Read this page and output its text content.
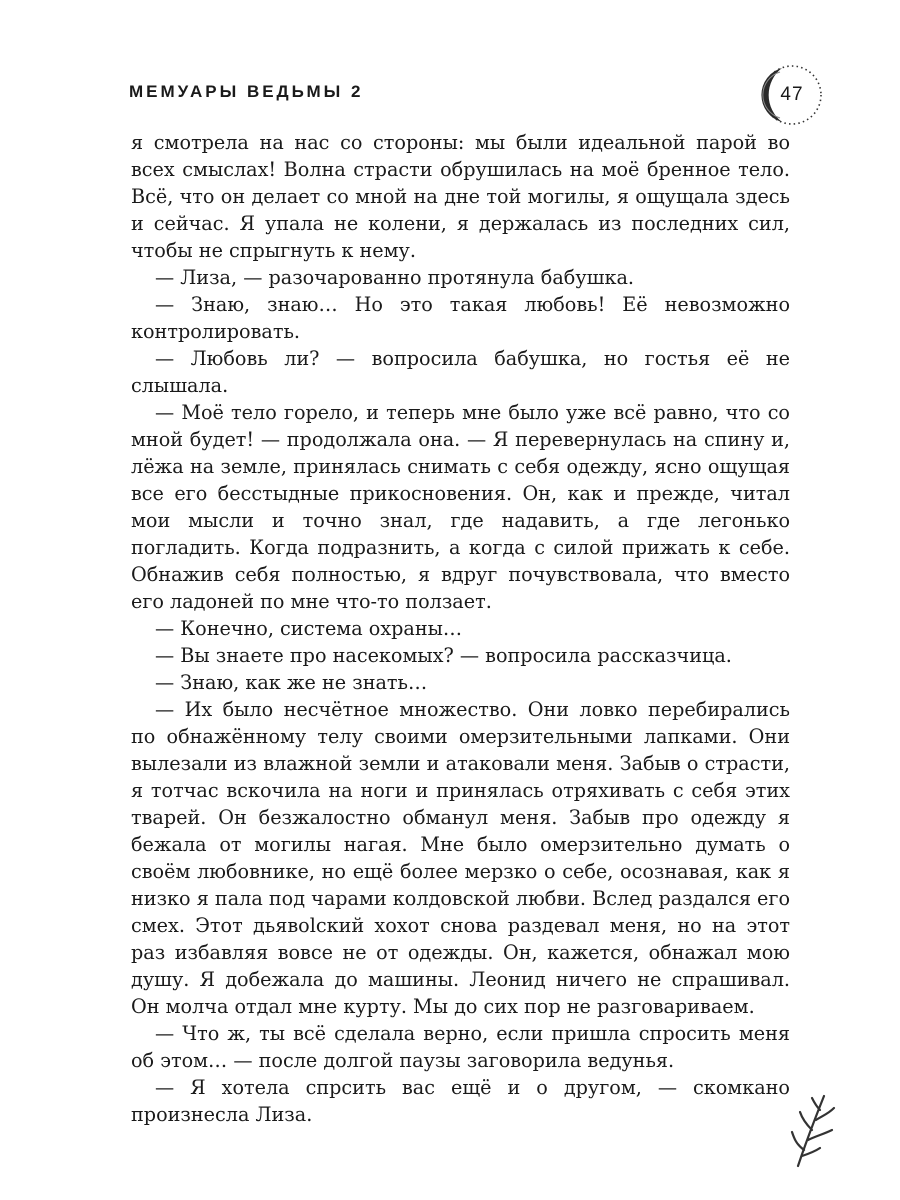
МЕМУАРЫ ВЕДЬМЫ 2	47

я смотрела на нас со стороны: мы были идеальной парой во всех смыслах! Волна страсти обрушилась на моё бренное тело. Всё, что он делает со мной на дне той могилы, я ощущала здесь и сейчас. Я упала не колени, я держалась из последних сил, чтобы не спрыгнуть к нему.

— Лиза, — разочарованно протянула бабушка.

— Знаю, знаю… Но это такая любовь! Её невозможно контролировать.

— Любовь ли? — вопросила бабушка, но гостья её не слышала.

— Моё тело горело, и теперь мне было уже всё равно, что со мной будет! — продолжала она. — Я перевернулась на спину и, лёжа на земле, принялась снимать с себя одежду, ясно ощущая все его бесстыдные прикосновения. Он, как и прежде, читал мои мысли и точно знал, где надавить, а где легонько погладить. Когда подразнить, а когда с силой прижать к себе. Обнажив себя полностью, я вдруг почувствовала, что вместо его ладоней по мне что-то ползает.

— Конечно, система охраны…

— Вы знаете про насекомых? — вопросила рассказчица.

— Знаю, как же не знать…

— Их было несчётное множество. Они ловко перебирались по обнажённому телу своими омерзительными лапками. Они вылезали из влажной земли и атаковали меня. Забыв о страсти, я тотчас вскочила на ноги и принялась отряхивать с себя этих тварей. Он безжалостно обманул меня. Забыв про одежду я бежала от могилы нагая. Мне было омерзительно думать о своём любовнике, но ещё более мерзко о себе, осознавая, как я низко я пала под чарами колдовской любви. Вслед раздался его смех. Этот дьявolский хохот снова раздевал меня, но на этот раз избавляя вовсе не от одежды. Он, кажется, обнажал мою душу. Я добежала до машины. Леонид ничего не спрашивал. Он молча отдал мне курту. Мы до сих пор не разговариваем.

— Что ж, ты всё сделала верно, если пришла спросить меня об этом… — после долгой паузы заговорила ведунья.

— Я хотела спрсить вас ещё и о другом, — скомкано произнесла Лиза.
